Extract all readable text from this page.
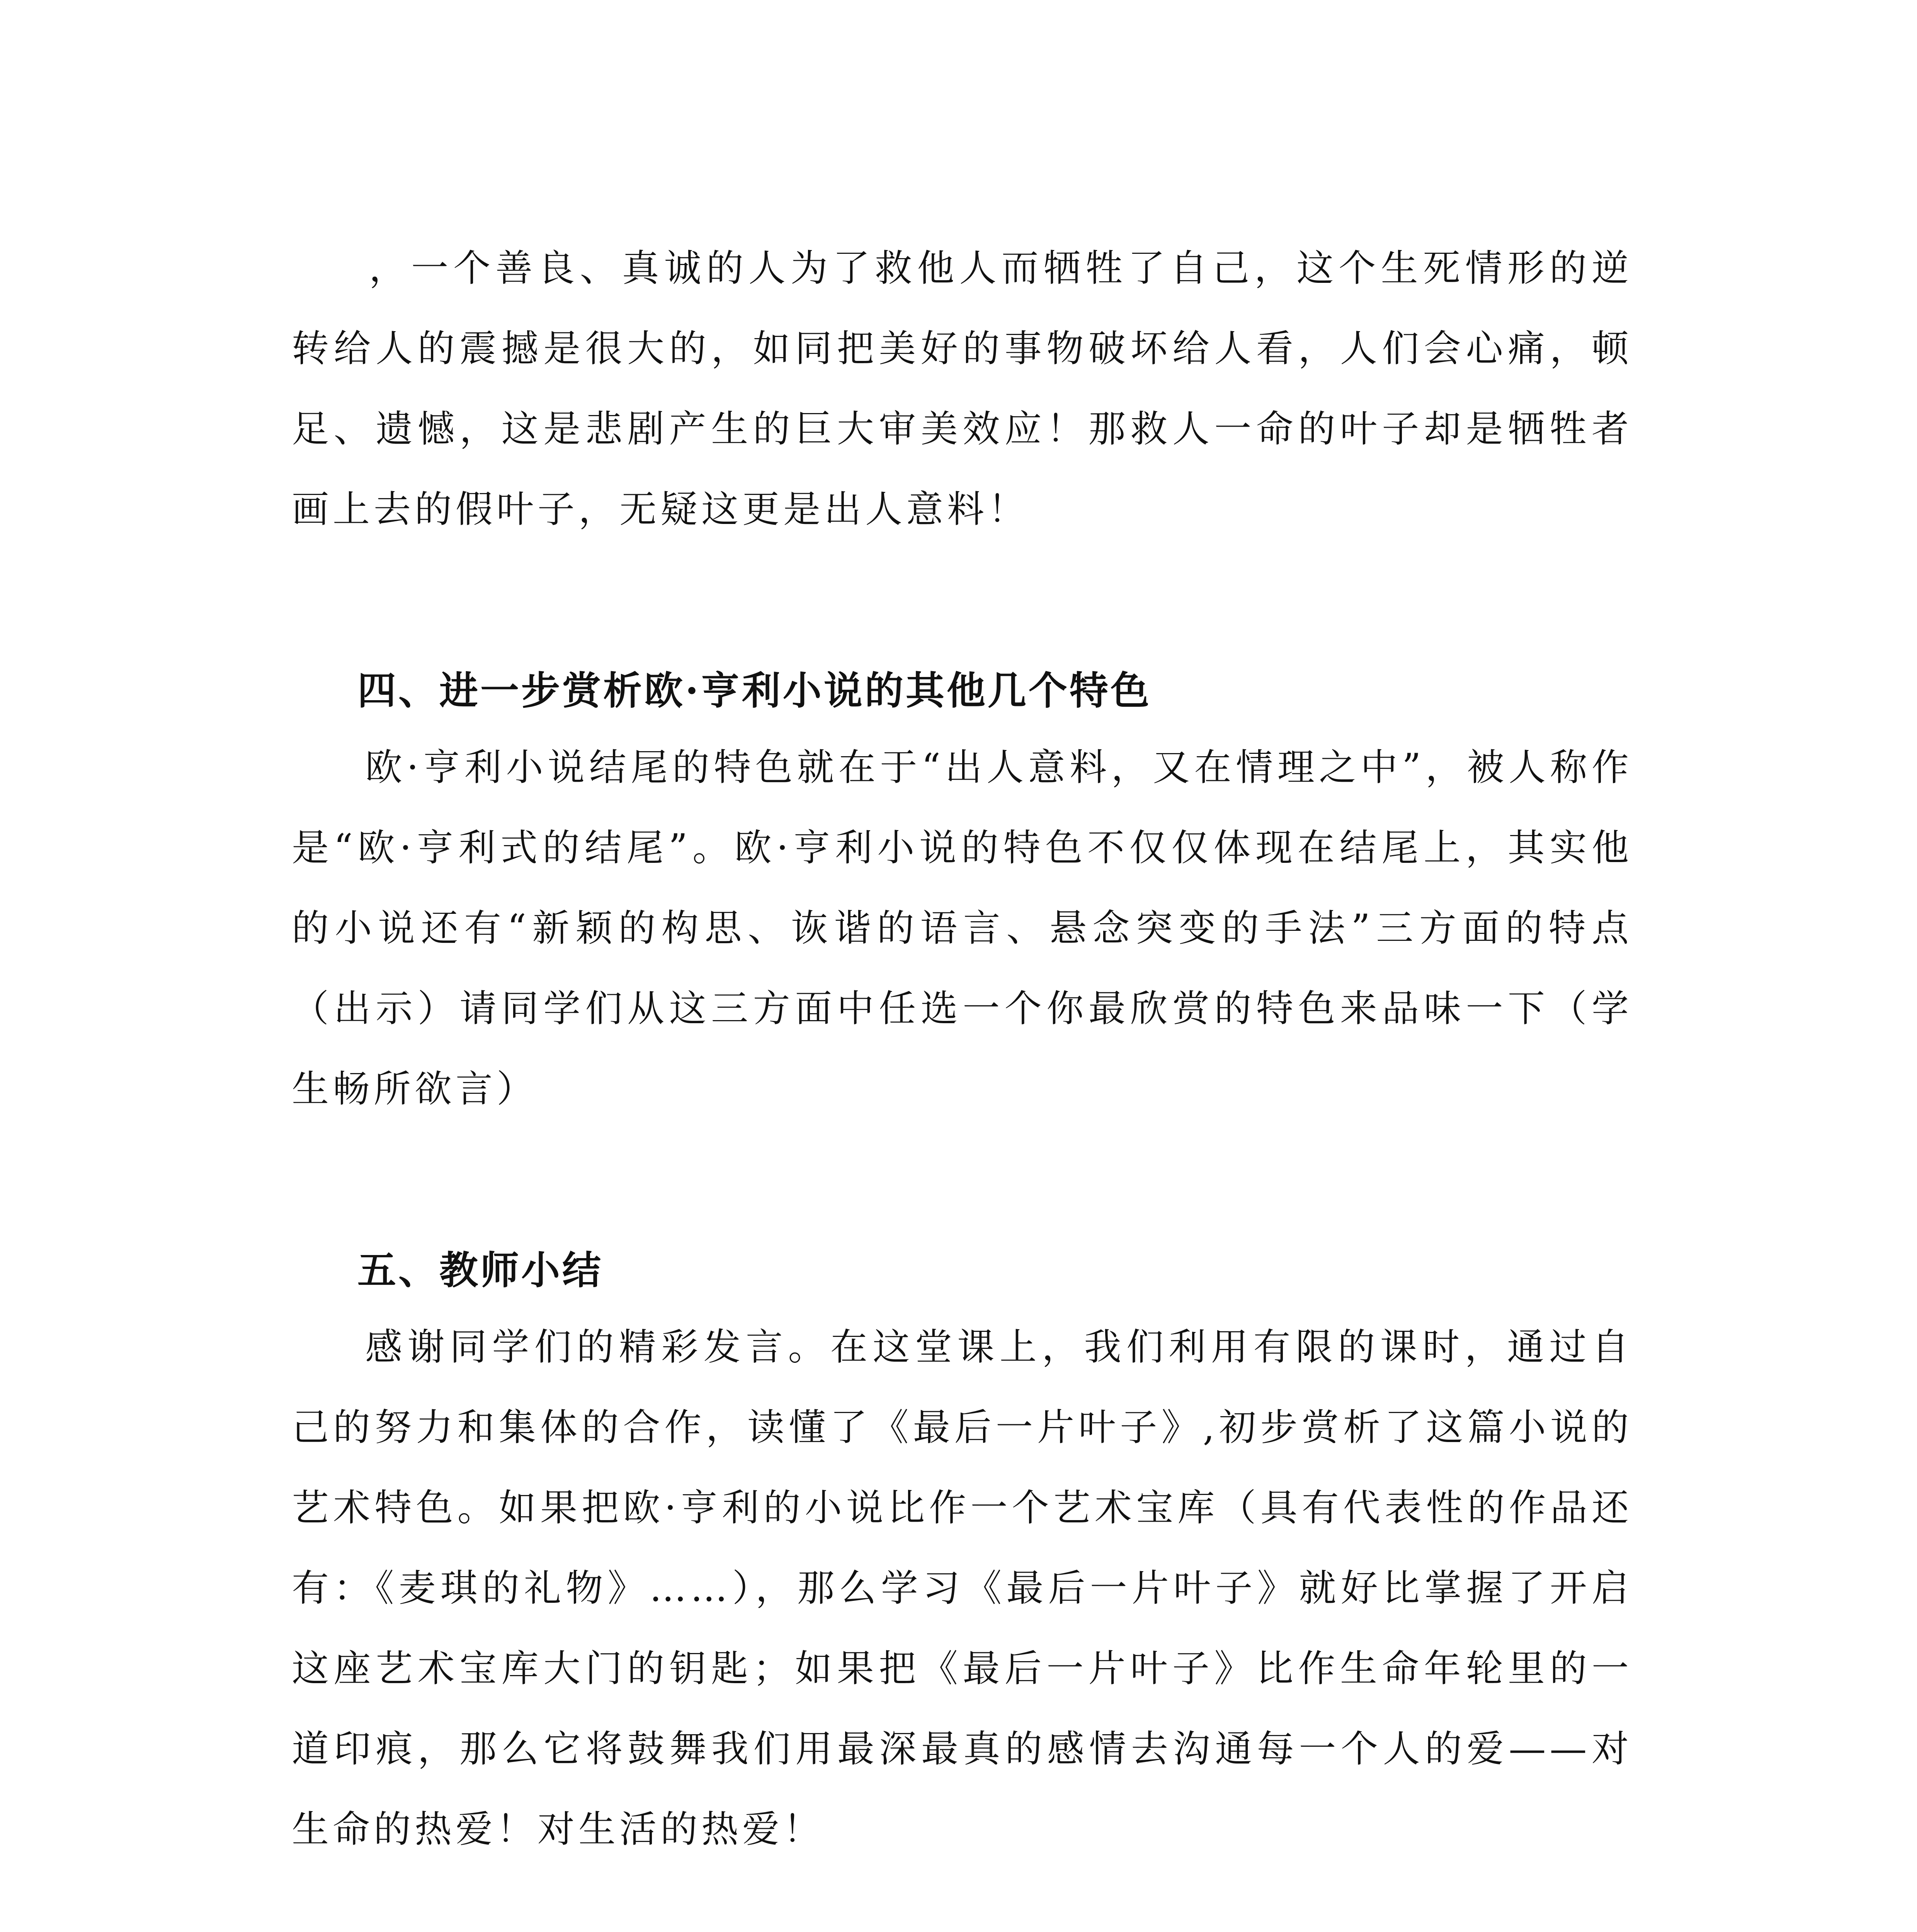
，一个善良、真诚的人为了救他人而牺牲了自己，这个生死情形的逆转给人的震撼是很大的，如同把美好的事物破坏给人看，人们会心痛，顿足、遗憾，这是悲剧产生的巨大审美效应！那救人一命的叶子却是牺牲者画上去的假叶子，无疑这更是出人意料！

四、进一步赏析欧·亨利小说的其他几个特色

欧·亨利小说结尾的特色就在于“出人意料，又在情理之中”，被人称作是“欧·亨利式的结尾”。欧·亨利小说的特色不仅仅体现在结尾上，其实他的小说还有“新颖的构思、诙谐的语言、悬念突变的手法”三方面的特点（出示）请同学们从这三方面中任选一个你最欣赏的特色来品味一下（学生畅所欲言）

五、教师小结

感谢同学们的精彩发言。在这堂课上，我们利用有限的课时，通过自己的努力和集体的合作，读懂了《最后一片叶子》,初步赏析了这篇小说的艺术特色。如果把欧·亨利的小说比作一个艺术宝库（具有代表性的作品还有：《麦琪的礼物》……），那么学习《最后一片叶子》就好比掌握了开启这座艺术宝库大门的钥匙；如果把《最后一片叶子》比作生命年轮里的一道印痕，那么它将鼓舞我们用最深最真的感情去沟通每一个人的爱——对生命的热爱！对生活的热爱！
